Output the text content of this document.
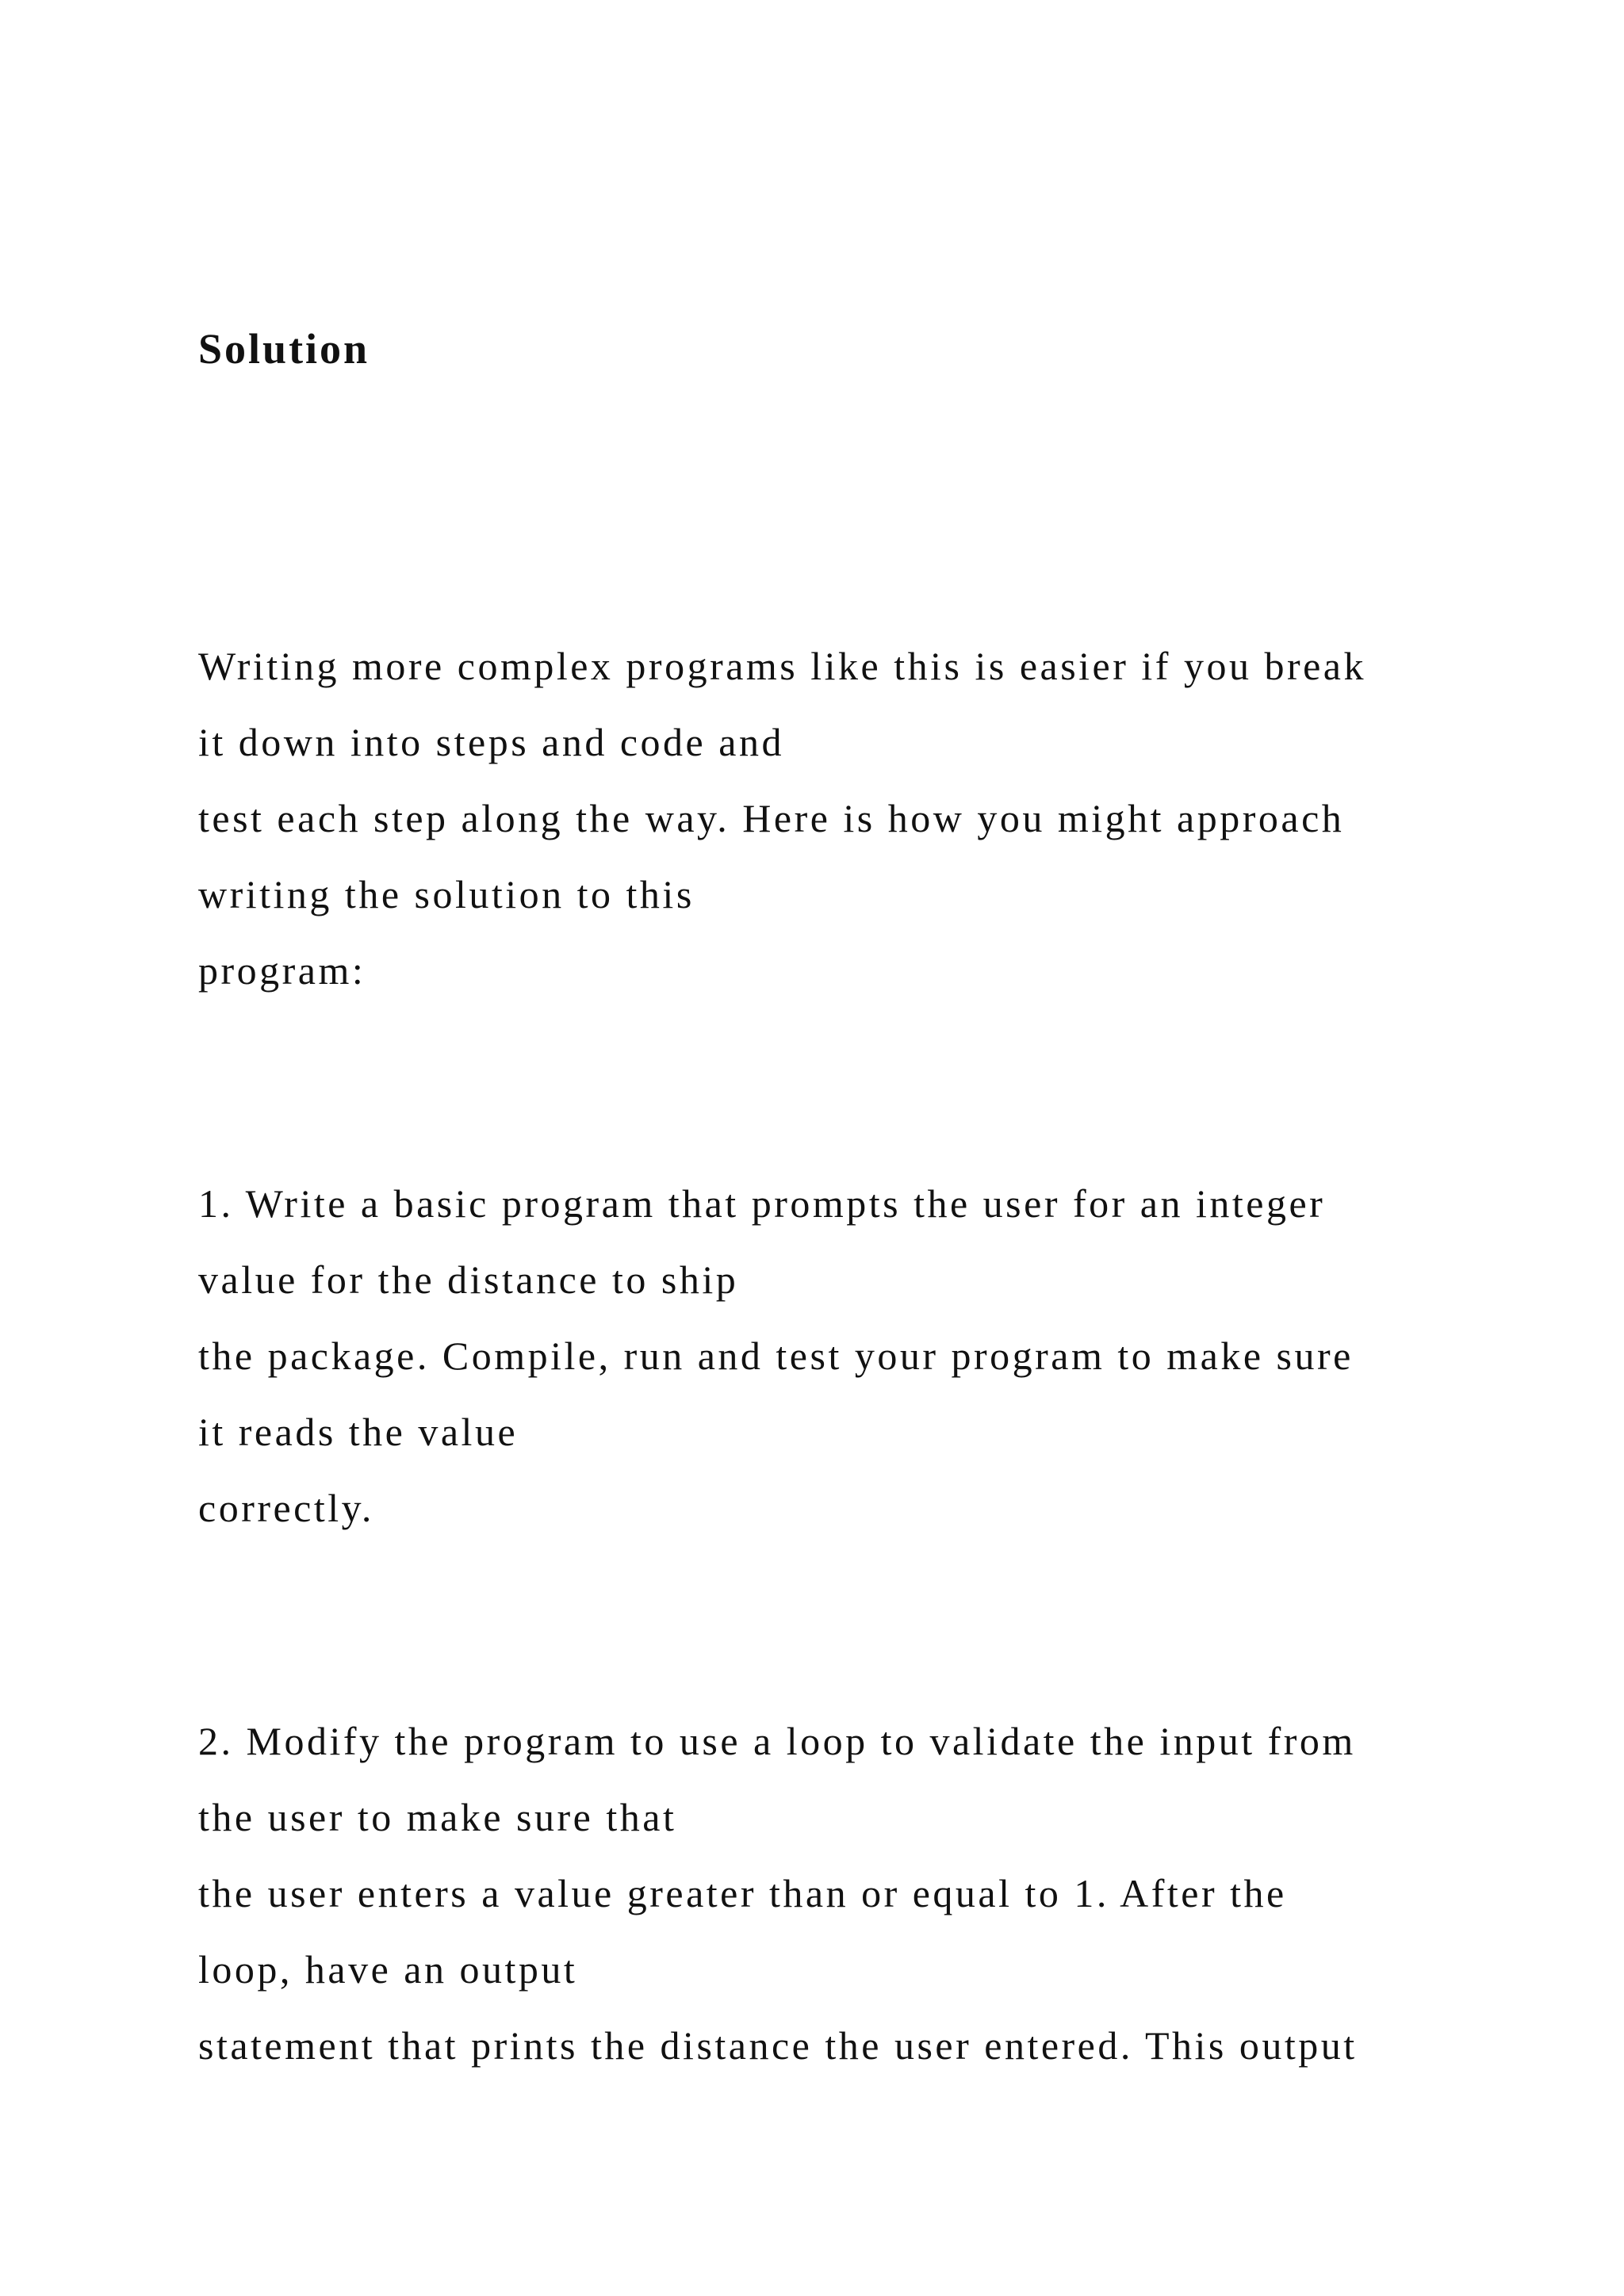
Solution

Writing more complex programs like this is easier if you break

it down into steps and code and

test each step along the way. Here is how you might approach

writing the solution to this

program:

1. Write a basic program that prompts the user for an integer

value for the distance to ship

the package. Compile, run and test your program to make sure

it reads the value

correctly.

2. Modify the program to use a loop to validate the input from

the user to make sure that

the user enters a value greater than or equal to 1. After the

loop, have an output

statement that prints the distance the user entered. This output
